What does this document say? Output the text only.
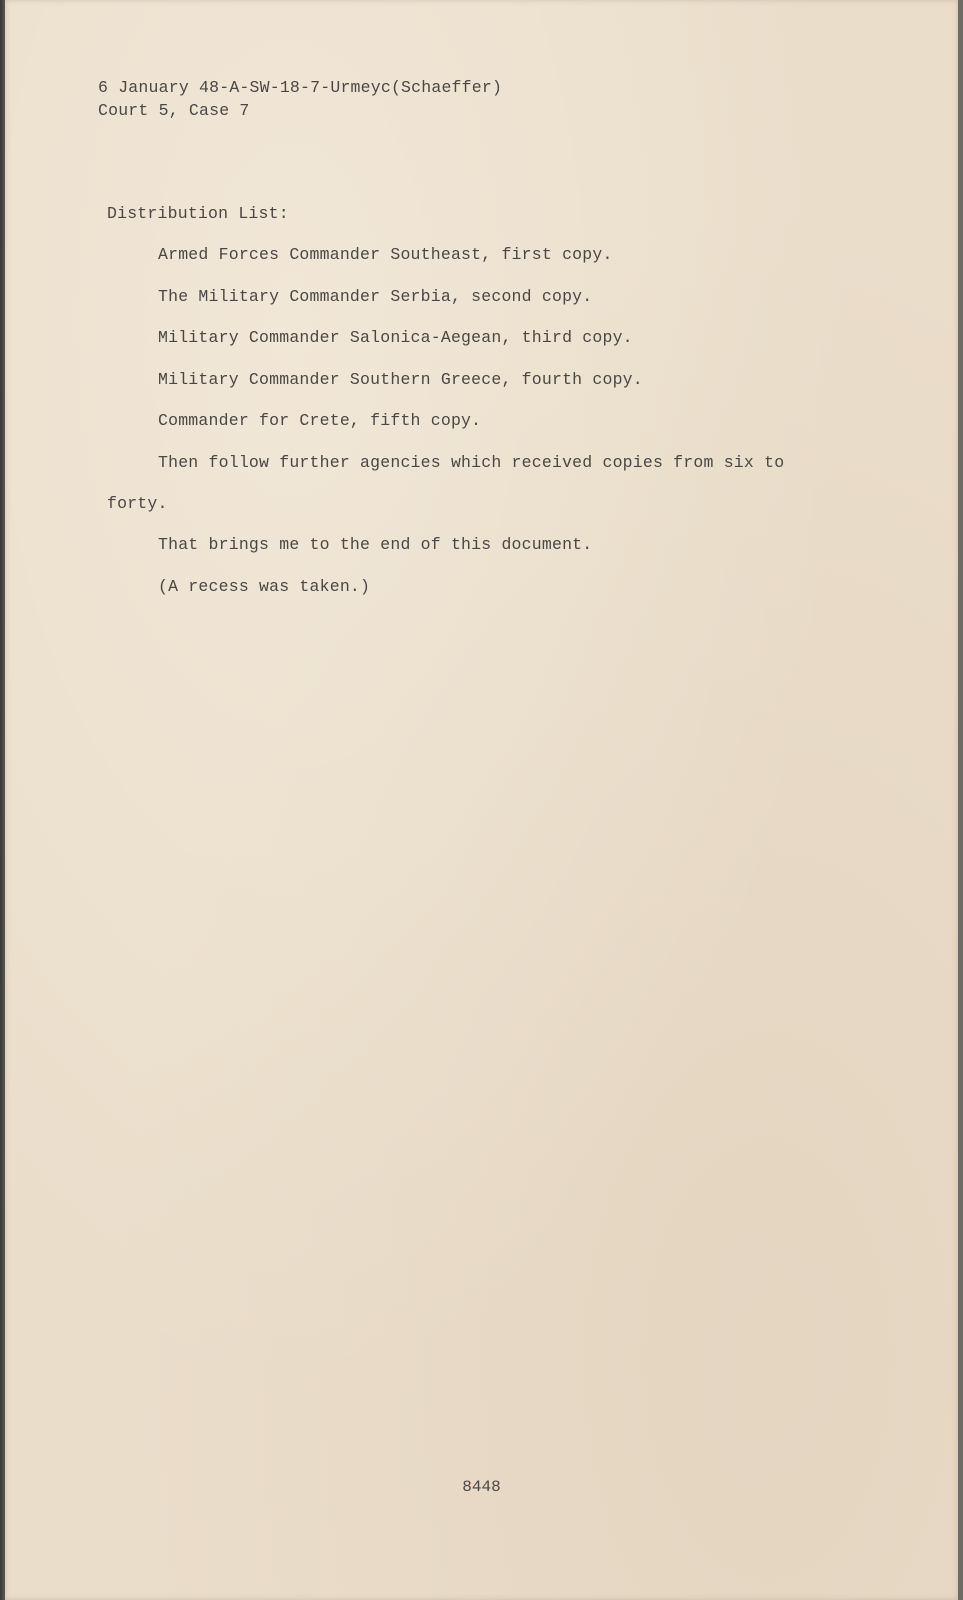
6 January 48-A-SW-18-7-Urmeyc(Schaeffer)
Court 5, Case 7
Distribution List:
Armed Forces Commander Southeast, first copy.
The Military Commander Serbia, second copy.
Military Commander Salonica-Aegean, third copy.
Military Commander Southern Greece, fourth copy.
Commander for Crete, fifth copy.
Then follow further agencies which received copies from six to
forty.
That brings me to the end of this document.
(A recess was taken.)
8448
